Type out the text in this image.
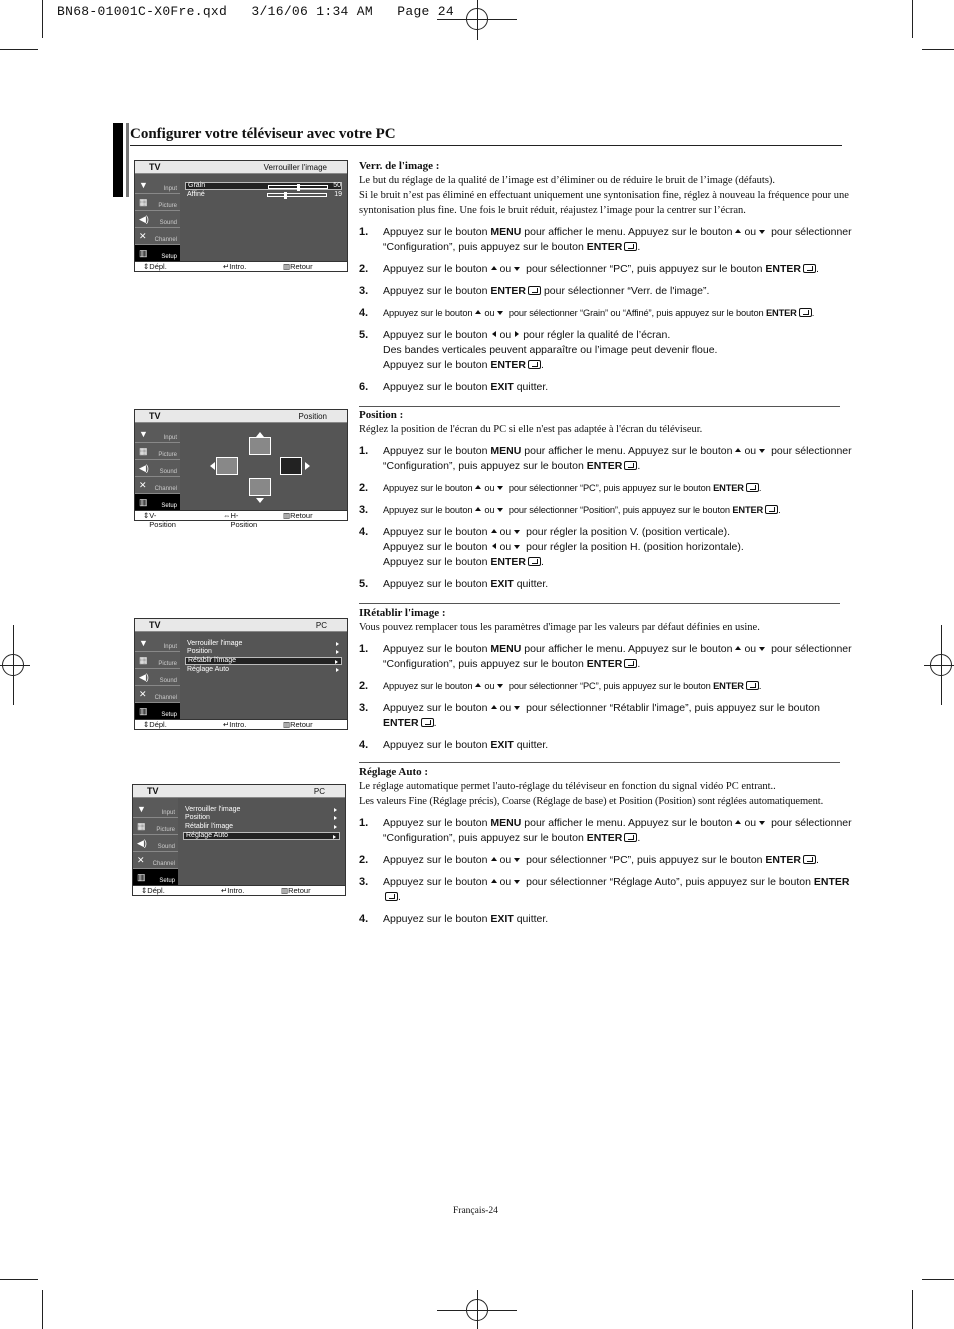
BN68-01001C-X0Fre.qxd   3/16/06 1:34 AM   Page 24
Configurer votre téléviseur avec votre PC
TV	Verrouiller l'image
▼	Input
▦ Picture
◀) Sound
✕ Channel
▥ Setup
Grain	50
Affiné	19
⇕ Dépl.	↵ Intro.	▥ Retour
TV	Position
▼	Input
▦ Picture
◀) Sound
✕ Channel
▥ Setup
⇕ V-Position
⇔ H-Position
▥ Retour
TV	PC
▼	Input
▦ Picture
◀) Sound
✕ Channel
▥ Setup
Verrouiller l'image
Position
Rétablir l'image
Réglage Auto
⇕ Dépl.	↵ Intro.	▥ Retour
TV	PC
▼	Input
▦ Picture
◀) Sound
✕ Channel
▥ Setup
Verrouiller l'image
Position
Rétablir l'image
Réglage Auto
⇕ Dépl.	↵ Intro.	▥ Retour
Verr. de l'image :

Le but du réglage de la qualité de l’image est d’éliminer ou de réduire le bruit de l’image (défauts).

Si le bruit n’est pas éliminé en effectuant uniquement une syntonisation fine, réglez à nouveau la fréquence pour une syntonisation plus fine. Une fois le bruit réduit, réajustez l’image pour la centrer sur l’écran.

1. Appuyez sur le bouton MENU pour afficher le menu. Appuyez sur le bouton ou pour sélectionner “Configuration”, puis appuyez sur le bouton ENTER .
2. Appuyez sur le bouton ou pour sélectionner “PC”, puis appuyez sur le bouton ENTER .
3. Appuyez sur le bouton ENTER pour sélectionner “Verr. de l'image”.
4. Appuyez sur le bouton ou pour sélectionner “Grain” ou “Affiné”, puis appuyez sur le bouton ENTER .
5. Appuyez sur le bouton ou pour régler la qualité de l’écran.
Des bandes verticales peuvent apparaître ou l’image peut devenir floue.
Appuyez sur le bouton ENTER .
6. Appuyez sur le bouton EXIT quitter.
Position :

Réglez la position de l'écran du PC si elle n'est pas adaptée à l'écran du téléviseur.

1. Appuyez sur le bouton MENU pour afficher le menu. Appuyez sur le bouton ou pour sélectionner “Configuration”, puis appuyez sur le bouton ENTER .
2. Appuyez sur le bouton ou pour sélectionner “PC”, puis appuyez sur le bouton ENTER .
3. Appuyez sur le bouton ou pour sélectionner “Position”, puis appuyez sur le bouton ENTER .
4. Appuyez sur le bouton ou pour régler la position V. (position verticale).
Appuyez sur le bouton ou pour régler la position H. (position horizontale).
Appuyez sur le bouton ENTER .
5. Appuyez sur le bouton EXIT quitter.
IRétablir l'image :

Vous pouvez remplacer tous les paramètres d'image par les valeurs par défaut définies en usine.

1. Appuyez sur le bouton MENU pour afficher le menu. Appuyez sur le bouton ou pour sélectionner “Configuration”, puis appuyez sur le bouton ENTER .
2. Appuyez sur le bouton ou pour sélectionner “PC”, puis appuyez sur le bouton ENTER .
3. Appuyez sur le bouton ou pour sélectionner “Rétablir l'image”, puis appuyez sur le bouton ENTER .
4. Appuyez sur le bouton EXIT quitter.
Réglage Auto :

Le réglage automatique permet l'auto-réglage du téléviseur en fonction du signal vidéo PC entrant..

Les valeurs Fine (Réglage précis), Coarse (Réglage de base) et Position (Position) sont réglées automatiquement.

1. Appuyez sur le bouton MENU pour afficher le menu. Appuyez sur le bouton ou pour sélectionner “Configuration”, puis appuyez sur le bouton ENTER .
2. Appuyez sur le bouton ou pour sélectionner “PC”, puis appuyez sur le bouton ENTER .
3. Appuyez sur le bouton ou pour sélectionner “Réglage Auto”, puis appuyez sur le bouton ENTER.
4. Appuyez sur le bouton EXIT quitter.
Français-24
